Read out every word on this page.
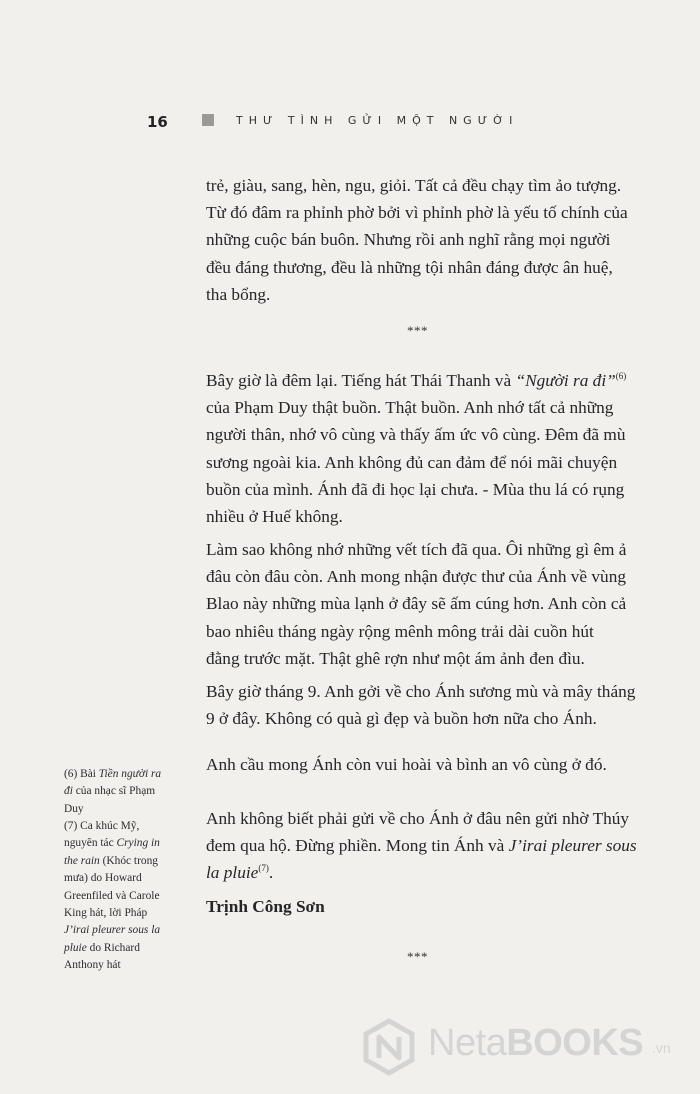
16	THƯ TÌNH GỬI MỘT NGƯỜI
trẻ, giàu, sang, hèn, ngu, giỏi. Tất cả đều chạy tìm ảo tượng.
Từ đó đâm ra phỉnh phờ bởi vì phỉnh phờ là yếu tố chính của
những cuộc bán buôn. Nhưng rồi anh nghĩ rằng mọi người
đều đáng thương, đều là những tội nhân đáng được ân huệ,
tha bổng.
***
Bây giờ là đêm lại. Tiếng hát Thái Thanh và “Người ra đi”$^{(6)}$
của Phạm Duy thật buồn. Thật buồn. Anh nhớ tất cả những
người thân, nhớ vô cùng và thấy ấm ức vô cùng. Đêm đã mù
sương ngoài kia. Anh không đủ can đảm để nói mãi chuyện
buồn của mình. Ánh đã đi học lại chưa. - Mùa thu lá có rụng
nhiều ở Huế không.
Làm sao không nhớ những vết tích đã qua. Ôi những gì êm ả
đâu còn đâu còn. Anh mong nhận được thư của Ánh về vùng
Blao này những mùa lạnh ở đây sẽ ấm cúng hơn. Anh còn cả
bao nhiêu tháng ngày rộng mênh mông trải dài cuồn hút
đằng trước mặt. Thật ghê rợn như một ám ảnh đen đìu.
Bây giờ tháng 9. Anh gởi về cho Ánh sương mù và mây tháng
9 ở đây. Không có quà gì đẹp và buồn hơn nữa cho Ánh.
Anh cầu mong Ánh còn vui hoài và bình an vô cùng ở đó.
Anh không biết phải gửi về cho Ánh ở đâu nên gửi nhờ Thúy
đem qua hộ. Đừng phiền. Mong tin Ánh và J’irai pleurer sous
la pluie$^{(7)}$.
Trịnh Công Sơn
***
(6) Bài Tiền người ra
đi của nhạc sĩ Phạm
Duy
(7) Ca khúc Mỹ,
nguyên tác Crying in
the rain (Khóc trong
mưa) do Howard
Greenfiled và Carole
King hát, lời Pháp
J’irai pleurer sous la
pluie do Richard
Anthony hát
NetaBOOKS .vn
